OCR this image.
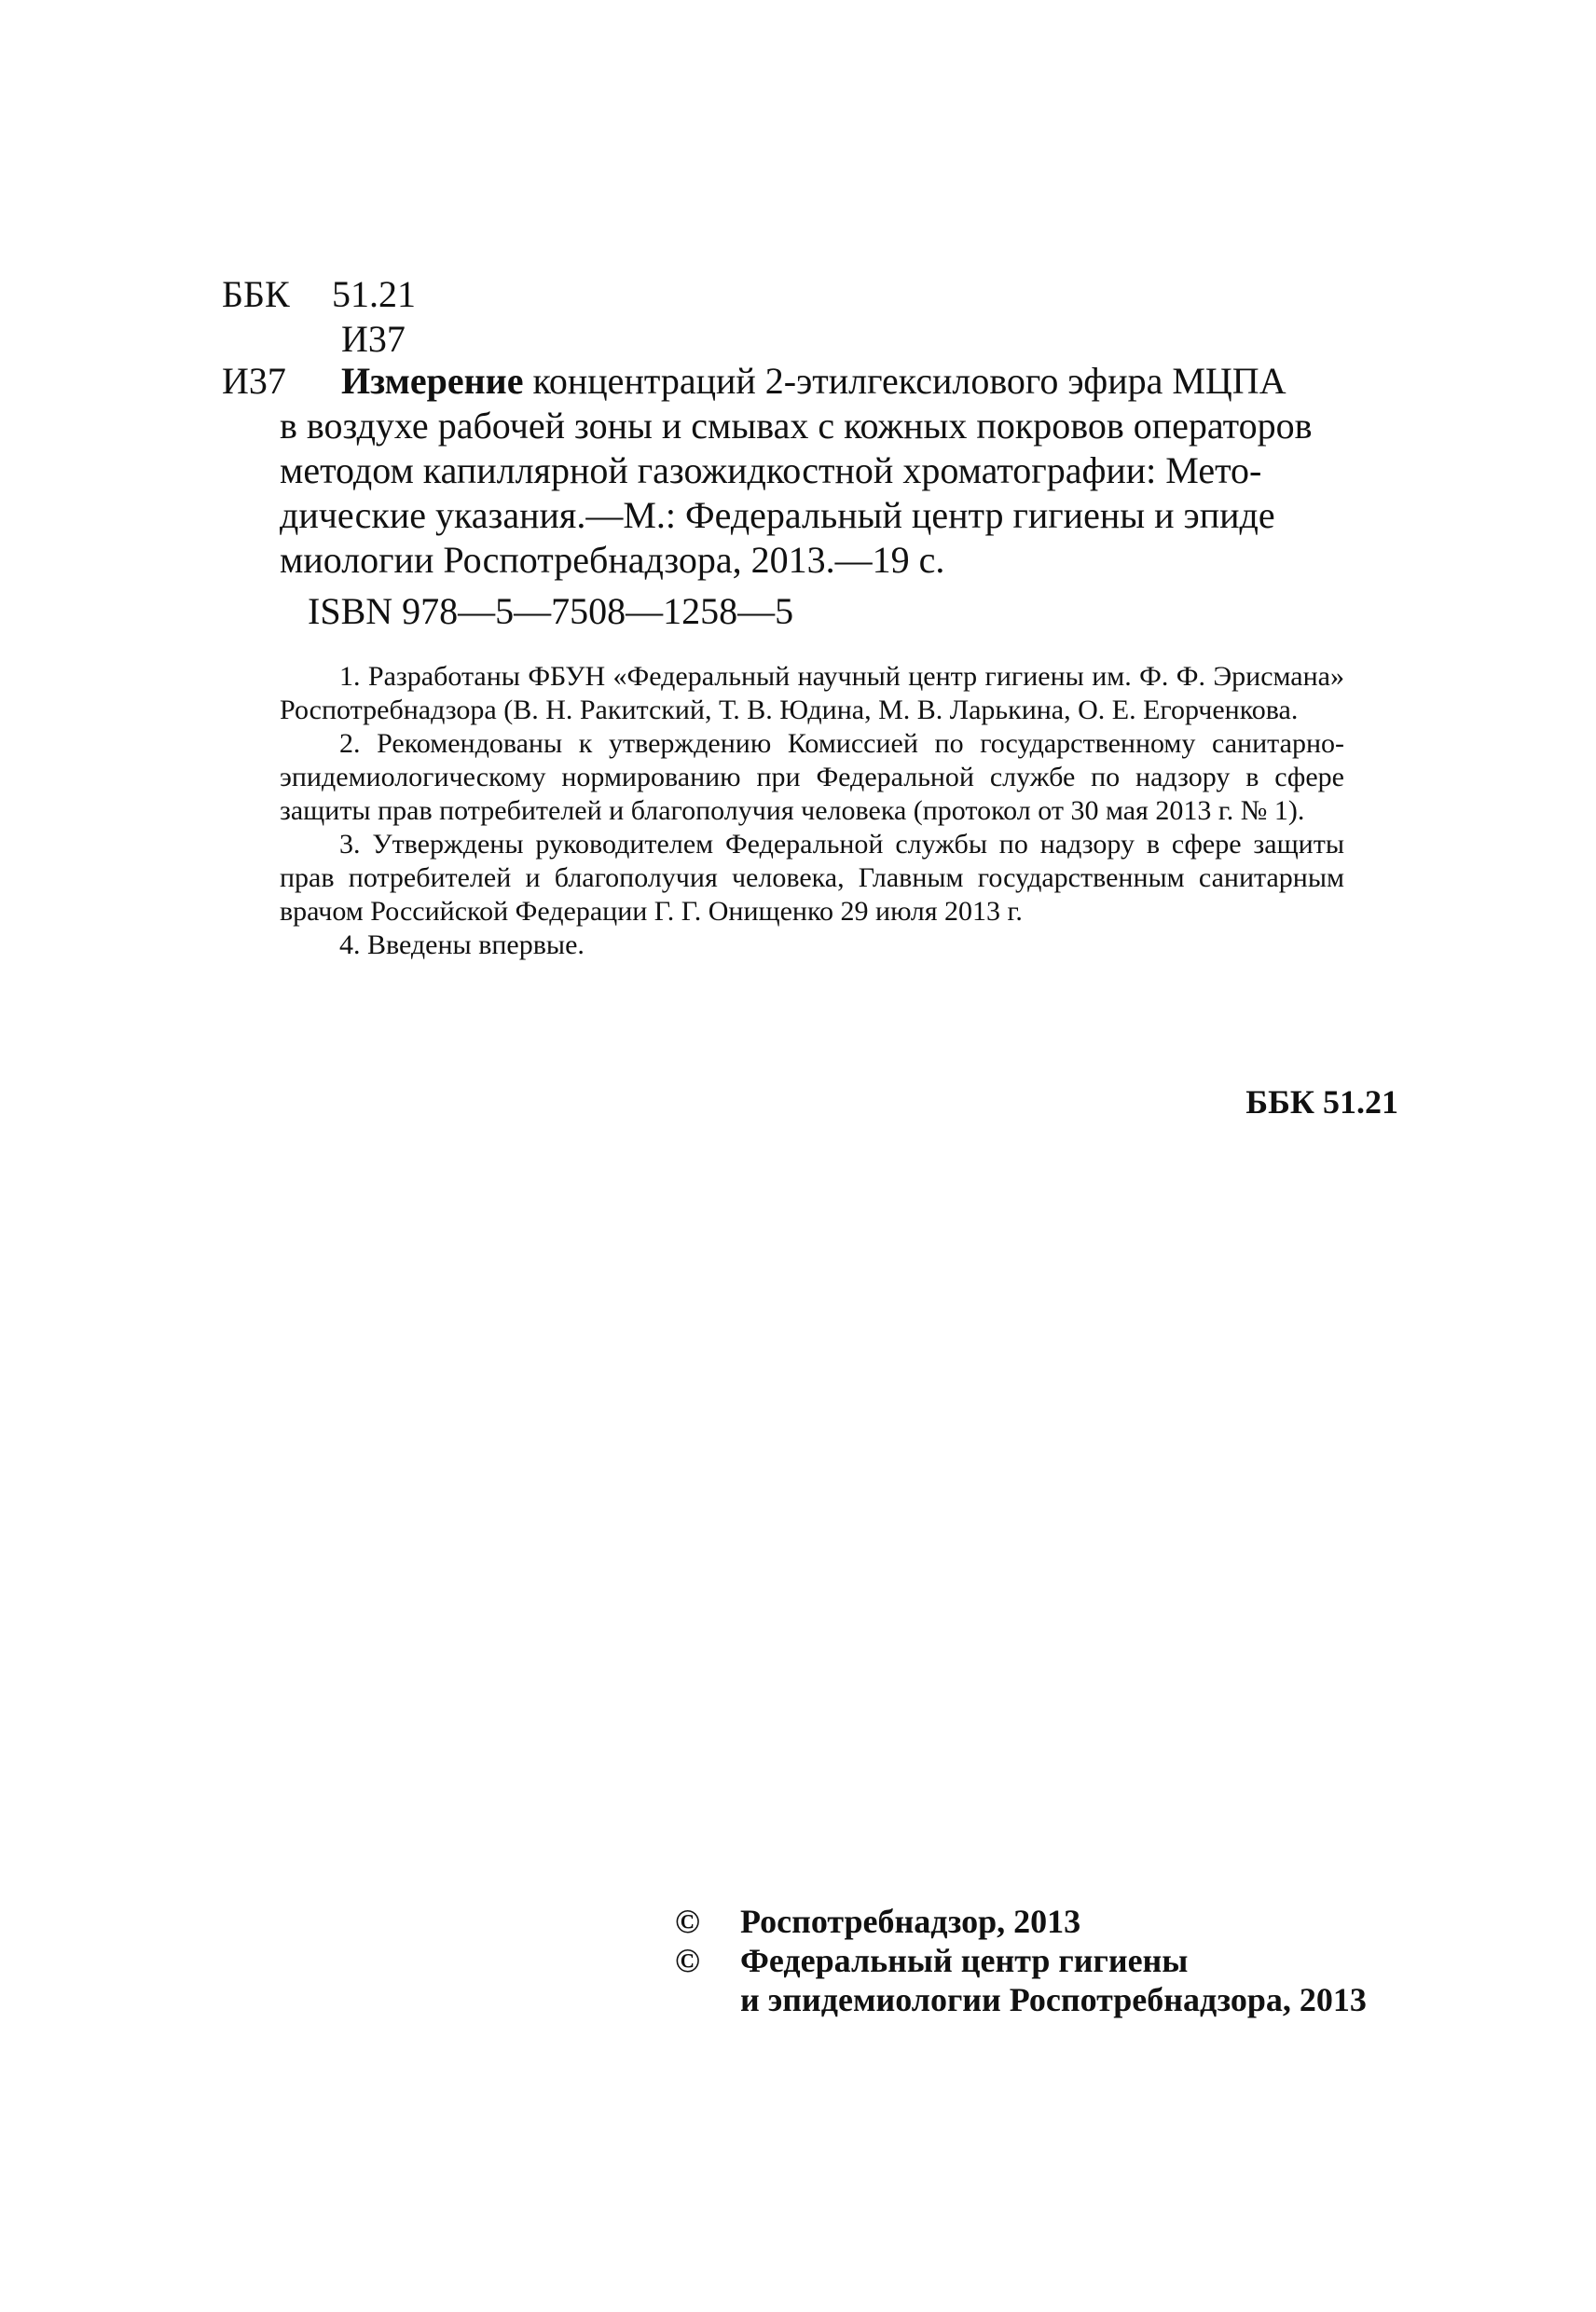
ББК 51.21
И37
И37 Измерение концентраций 2-этилгексилового эфира МЦПА
в воздухе рабочей зоны и смывах с кожных покровов операторов
методом капиллярной газожидкостной хроматографии: Мето-
дические указания.—М.: Федеральный центр гигиены и эпиде
миологии Роспотребнадзора, 2013.—19 с.
ISBN 978—5—7508—1258—5

1. Разработаны ФБУН «Федеральный научный центр гигиены им. Ф. Ф. Эрисмана» Роспотребнадзора (В. Н. Ракитский, Т. В. Юдина, М. В. Ларькина, О. Е. Егорченкова.

2. Рекомендованы к утверждению Комиссией по государственному санитарно-эпидемиологическому нормированию при Федеральной службе по надзору в сфере защиты прав потребителей и благополучия человека (протокол от 30 мая 2013 г. № 1).

3. Утверждены руководителем Федеральной службы по надзору в сфере защиты прав потребителей и благополучия человека, Главным государственным санитарным врачом Российской Федерации Г. Г. Онищенко 29 июля 2013 г.

4. Введены впервые.

ББК 51.21
©	Роспотребнадзор, 2013
©	Федеральный центр гигиены
и эпидемиологии Роспотребнадзора, 2013
